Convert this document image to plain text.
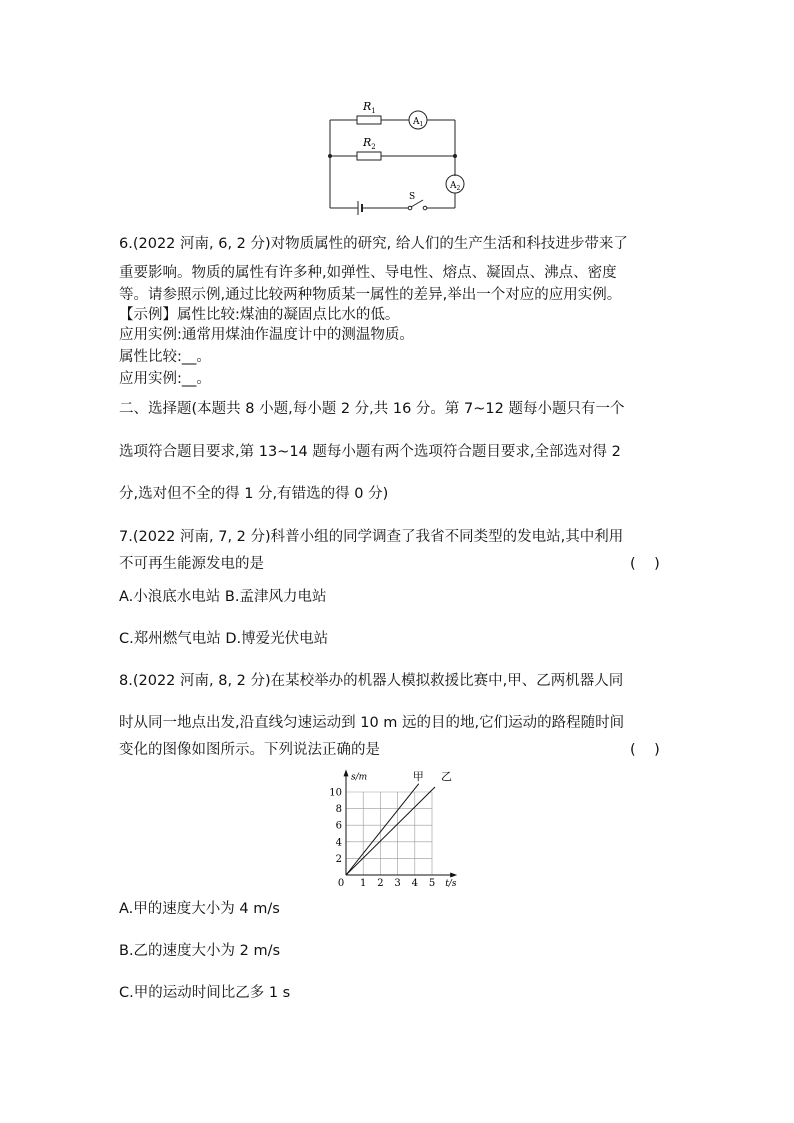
$R_1$
$R_2$
$A_1$
$A_2$
S
6.(2022 河南, 6, 2 分)对物质属性的研究, 给人们的生产生活和科技进步带来了
重要影响。物质的属性有许多种,如弹性、导电性、熔点、凝固点、沸点、密度
等。请参照示例,通过比较两种物质某一属性的差异,举出一个对应的应用实例。
【示例】属性比较:煤油的凝固点比水的低。
应用实例:通常用煤油作温度计中的测温物质。
属性比较:__。
应用实例:__。
二、选择题(本题共 8 小题,每小题 2 分,共 16 分。第 7~12 题每小题只有一个
选项符合题目要求,第 13~14 题每小题有两个选项符合题目要求,全部选对得 2
分,选对但不全的得 1 分,有错选的得 0 分)
7.(2022 河南, 7, 2 分)科普小组的同学调查了我省不同类型的发电站,其中利用
不可再生能源发电的是	(    )
A.小浪底水电站 B.孟津风力电站
C.郑州燃气电站 D.博爱光伏电站
8.(2022 河南, 8, 2 分)在某校举办的机器人模拟救援比赛中,甲、乙两机器人同
时从同一地点出发,沿直线匀速运动到 10 m 远的目的地,它们运动的路程随时间
变化的图像如图所示。下列说法正确的是	(    )
0 1 2 3 4 5
2
4
6
8
10
s/m
t/s
甲 乙
A.甲的速度大小为 4 m/s
B.乙的速度大小为 2 m/s
C.甲的运动时间比乙多 1 s
